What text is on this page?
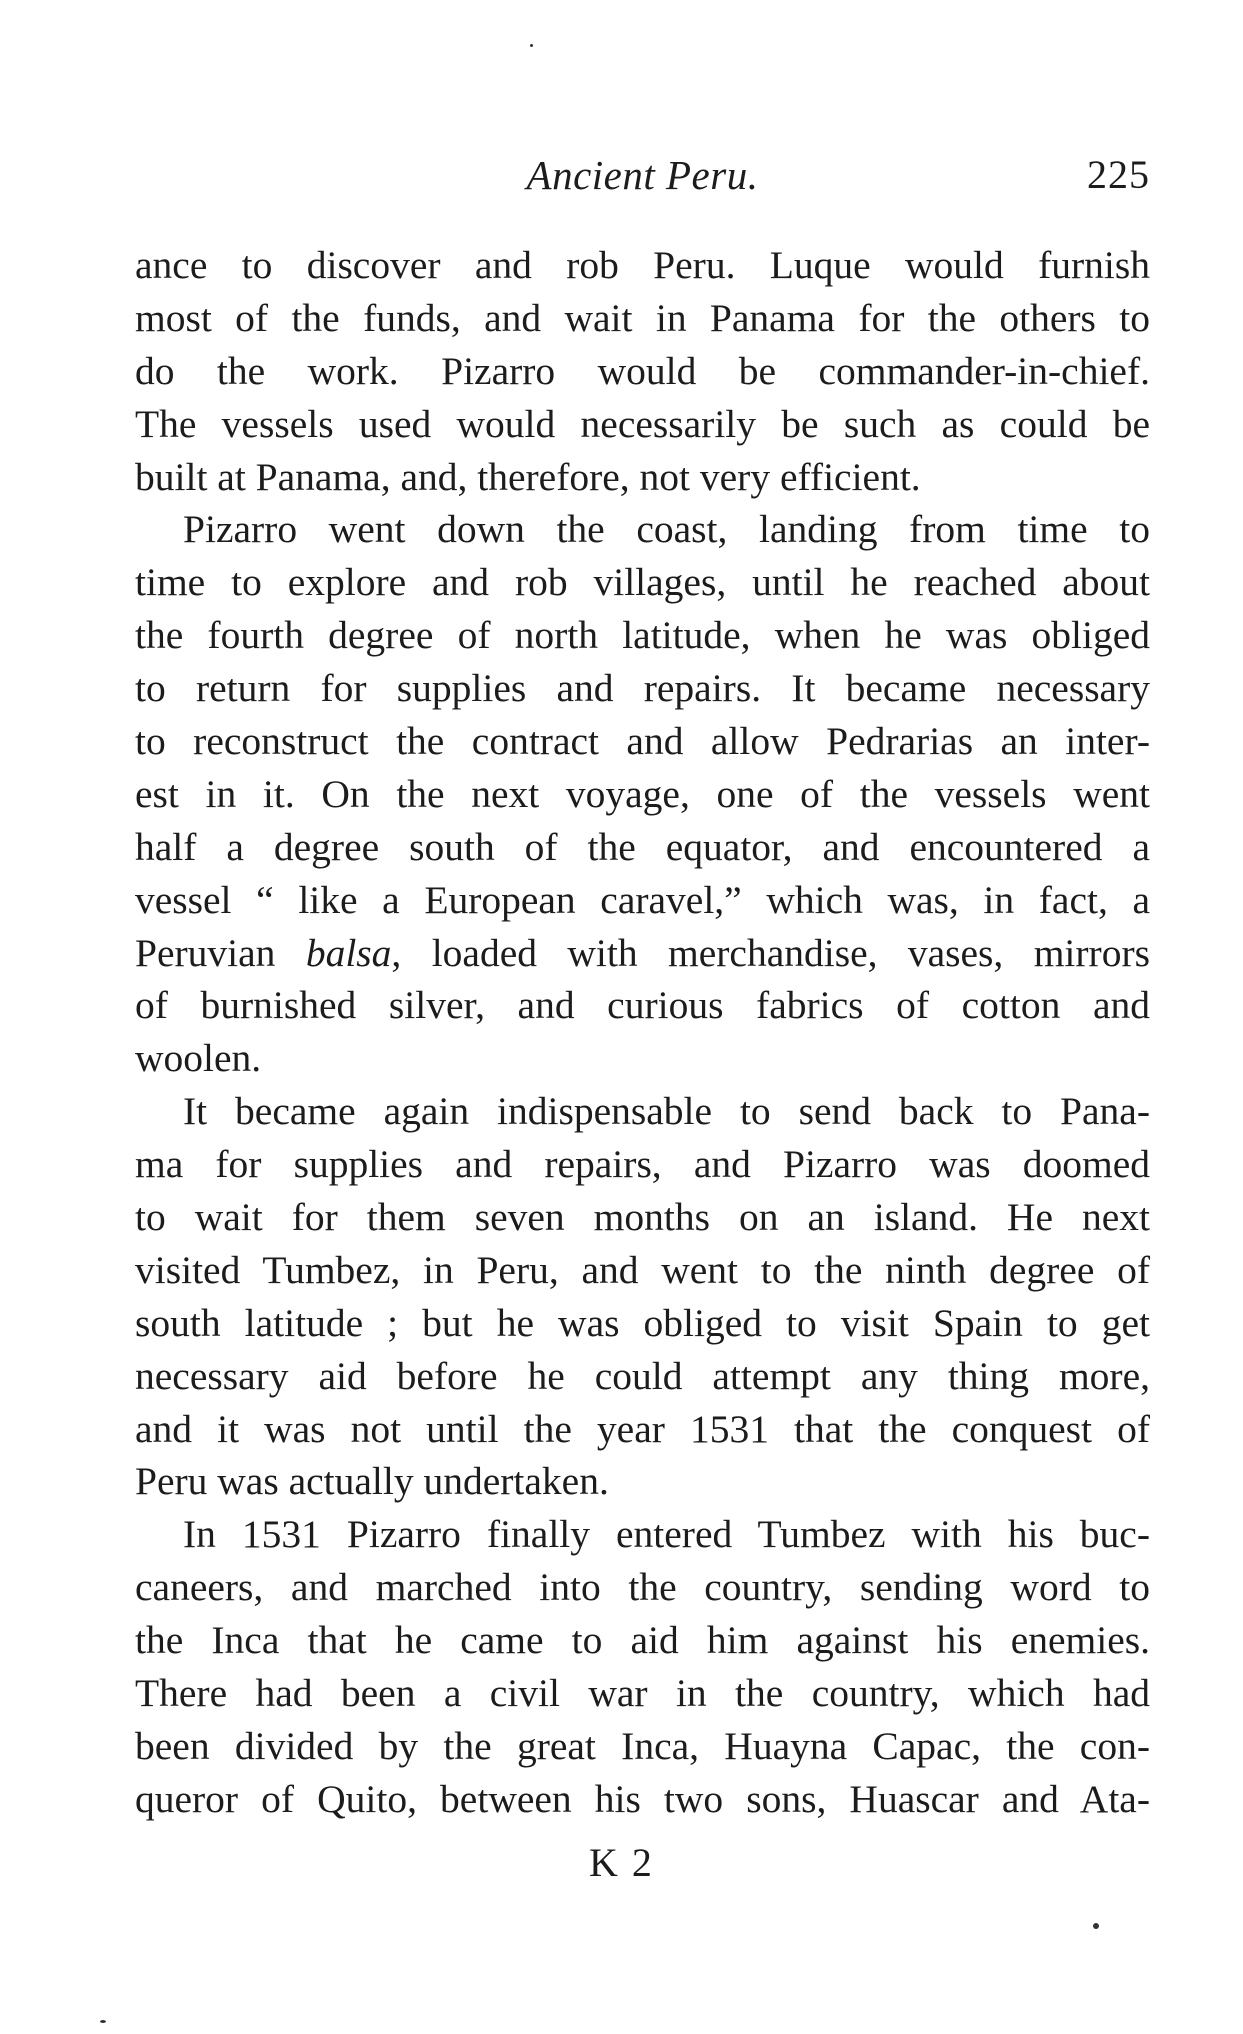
Ancient Peru.	225
ance to discover and rob Peru. Luque would furnish
most of the funds, and wait in Panama for the others to
do the work. Pizarro would be commander-in-chief.
The vessels used would necessarily be such as could be
built at Panama, and, therefore, not very efficient.
Pizarro went down the coast, landing from time to
time to explore and rob villages, until he reached about
the fourth degree of north latitude, when he was obliged
to return for supplies and repairs. It became necessary
to reconstruct the contract and allow Pedrarias an inter-
est in it. On the next voyage, one of the vessels went
half a degree south of the equator, and encountered a
vessel “ like a European caravel,” which was, in fact, a
Peruvian balsa, loaded with merchandise, vases, mirrors
of burnished silver, and curious fabrics of cotton and
woolen.
It became again indispensable to send back to Pana-
ma for supplies and repairs, and Pizarro was doomed
to wait for them seven months on an island. He next
visited Tumbez, in Peru, and went to the ninth degree of
south latitude ; but he was obliged to visit Spain to get
necessary aid before he could attempt any thing more,
and it was not until the year 1531 that the conquest of
Peru was actually undertaken.
In 1531 Pizarro finally entered Tumbez with his buc-
caneers, and marched into the country, sending word to
the Inca that he came to aid him against his enemies.
There had been a civil war in the country, which had
been divided by the great Inca, Huayna Capac, the con-
queror of Quito, between his two sons, Huascar and Ata-
K 2
